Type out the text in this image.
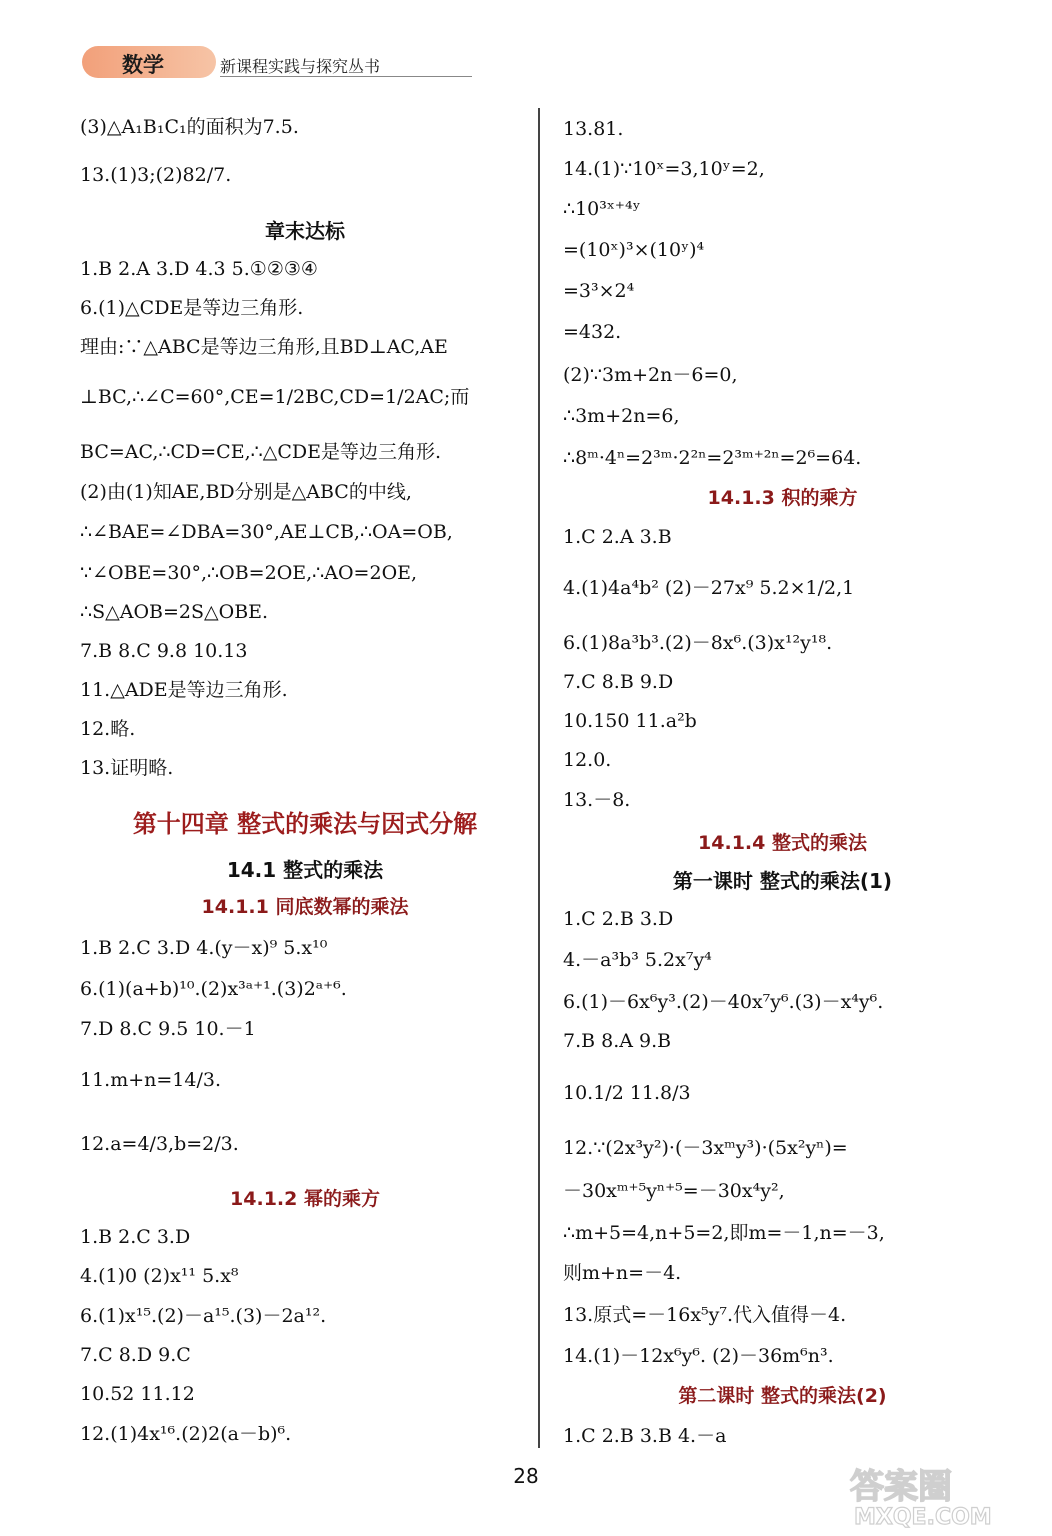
数学	新课程实践与探究丛书
(3)△A₁B₁C₁的面积为7.5.
13.(1)3;(2)82/7.
章末达标
1.B 2.A 3.D 4.3 5.①②③④
6.(1)△CDE是等边三角形.
理由:∵△ABC是等边三角形,且BD⊥AC,AE
⊥BC,∴∠C=60°,CE=1/2BC,CD=1/2AC;而
BC=AC,∴CD=CE,∴△CDE是等边三角形.
(2)由(1)知AE,BD分别是△ABC的中线,
∴∠BAE=∠DBA=30°,AE⊥CB,∴OA=OB,
∵∠OBE=30°,∴OB=2OE,∴AO=2OE,
∴S△AOB=2S△OBE.
7.B 8.C 9.8 10.13
11.△ADE是等边三角形.
12.略.
13.证明略.
第十四章 整式的乘法与因式分解
14.1 整式的乘法
14.1.1 同底数幂的乘法
1.B 2.C 3.D 4.(y－x)⁹ 5.x¹⁰
6.(1)(a+b)¹⁰.(2)x³ᵃ⁺¹.(3)2ᵃ⁺⁶.
7.D 8.C 9.5 10.－1
11.m+n=14/3.
12.a=4/3,b=2/3.
14.1.2 幂的乘方
1.B 2.C 3.D
4.(1)0 (2)x¹¹ 5.x⁸
6.(1)x¹⁵.(2)－a¹⁵.(3)－2a¹².
7.C 8.D 9.C
10.52 11.12
12.(1)4x¹⁶.(2)2(a－b)⁶.
13.81.
14.(1)∵10ˣ=3,10ʸ=2,
∴10³ˣ⁺⁴ʸ
=(10ˣ)³×(10ʸ)⁴
=3³×2⁴
=432.
(2)∵3m+2n－6=0,
∴3m+2n=6,
∴8ᵐ·4ⁿ=2³ᵐ·2²ⁿ=2³ᵐ⁺²ⁿ=2⁶=64.
14.1.3 积的乘方
1.C 2.A 3.B
4.(1)4a⁴b² (2)－27x⁹ 5.2×1/2,1
6.(1)8a³b³.(2)－8x⁶.(3)x¹²y¹⁸.
7.C 8.B 9.D
10.150 11.a²b
12.0.
13.－8.
14.1.4 整式的乘法
第一课时 整式的乘法(1)
1.C 2.B 3.D
4.－a³b³ 5.2x⁷y⁴
6.(1)－6x⁶y³.(2)－40x⁷y⁶.(3)－x⁴y⁶.
7.B 8.A 9.B
10.1/2 11.8/3
12.∵(2x³y²)·(－3xᵐy³)·(5x²yⁿ)=
－30xᵐ⁺⁵yⁿ⁺⁵=－30x⁴y²,
∴m+5=4,n+5=2,即m=－1,n=－3,
则m+n=－4.
13.原式=－16x⁵y⁷.代入值得－4.
14.(1)－12x⁶y⁶. (2)－36m⁶n³.
第二课时 整式的乘法(2)
1.C 2.B 3.B 4.－a
28	答案圈
MXQE.COM
